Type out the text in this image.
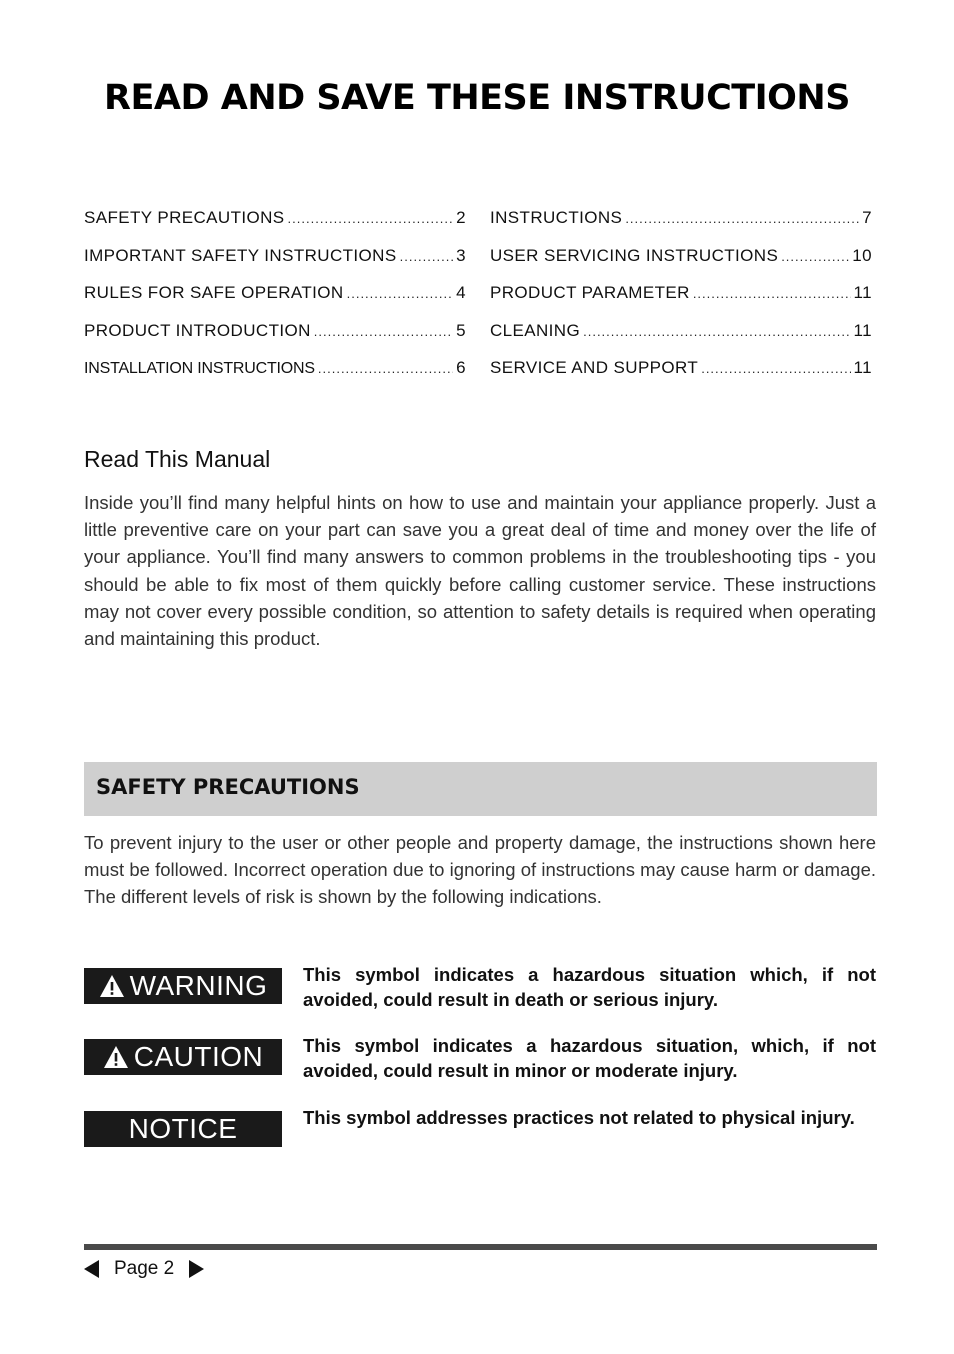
READ AND SAVE THESE INSTRUCTIONS
SAFETY PRECAUTIONS .....	2
IMPORTANT SAFETY INSTRUCTIONS .....	3
RULES FOR SAFE OPERATION .....	4
PRODUCT INTRODUCTION .....	5
INSTALLATION INSTRUCTIONS .....	6
INSTRUCTIONS .....	7
USER SERVICING INSTRUCTIONS .....	10
PRODUCT PARAMETER .....	11
CLEANING .....	11
SERVICE AND SUPPORT .....	11
Read This Manual
Inside you’ll find many helpful hints on how to use and maintain your appliance properly. Just a little preventive care on your part can save you a great deal of time and money over the life of your appliance. You’ll find many answers to common problems in the troubleshooting tips - you should be able to fix most of them quickly before calling customer service. These instructions may not cover every possible condition, so attention to safety details is required when operating and maintaining this product.
SAFETY PRECAUTIONS
To prevent injury to the user or other people and property damage, the instructions shown here must be followed. Incorrect operation due to ignoring of instructions may cause harm or damage. The different levels of risk is shown by the following indications.
WARNING This symbol indicates a hazardous situation which, if not avoided, could result in death or serious injury.
CAUTION This symbol indicates a hazardous situation, which, if not avoided, could result in minor or moderate injury.
NOTICE	This symbol addresses practices not related to physical injury.
Page 2
